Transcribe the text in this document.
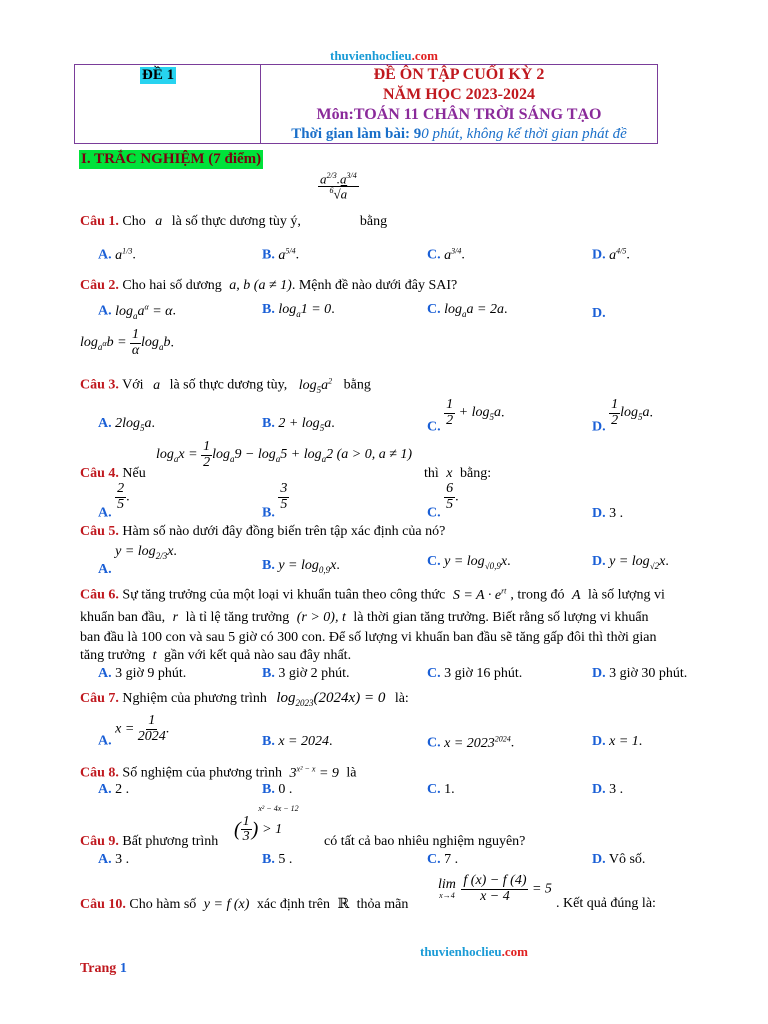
thuvienhoclieu.com
ĐỀ 1	ĐỀ ÔN TẬP CUỐI KỲ 2
NĂM HỌC 2023-2024
Môn:TOÁN 11 CHÂN TRỜI SÁNG TẠO
Thời gian làm bài: 90 phút, không kể thời gian phát đề
I. TRẮC NGHIỆM (7 điểm)
$\frac{a^{2/3}.a^{3/4}}{^6√a}$
Câu 1. Cho a là số thực dương tùy ý,	bằng
A. $a^{1/3}$.	B. $a^{5/4}$.	C. $a^{3/4}$.	D. $a^{4/5}$.
Câu 2. Cho hai số dương a, b (a ≠ 1). Mệnh đề nào dưới đây SAI?
A. $\log_aa^\alpha = \alpha$.	B. $\log_a1 = 0$.	C. $\log_aa = 2a$.	D.
$\log_{a^\alpha}b = \frac{1}{\alpha} \log_ab$.
Câu 3. Với a là số thực dương tùy, $\log_5a^2$ bằng
A. $2\log_5a$.	B. $2 + \log_5a$.	C. $\frac{1}{2} + \log_5a$.
D. $\frac{1}{2} \log_5a$.
$\log_ax = \frac{1}{2} \log_a9 - \log_a5 + \log_a2$ (a > 0, a ≠ 1)
Câu 4. Nếu	thì x bằng:
A.
$\frac{2}{5}$ .
B.
$\frac{3}{5}$
C.
$\frac{6}{5}$ .
D. 3 .
Câu 5. Hàm số nào dưới đây đồng biến trên tập xác định của nó?
A. $y = \log_{2/3}x$.
B. $y = \log_{0,9}x$.	C. $y = \log_{√0,9}x$.	D. $y = \log_{√2}x$.
Câu 6. Sự tăng trưởng của một loại vi khuẩn tuân theo công thức $S = A \cdot e^{rt}$ , trong đó A là số lượng vi
khuẩn ban đầu, r là tỉ lệ tăng trưởng (r > 0), t là thời gian tăng trưởng. Biết rằng số lượng vi khuẩn
ban đầu là 100 con và sau 5 giờ có 300 con. Để số lượng vi khuẩn ban đầu sẽ tăng gấp đôi thì thời gian
tăng trưởng t gần với kết quả nào sau đây nhất.
A. 3 giờ 9 phút.	B. 3 giờ 2 phút.	C. 3 giờ 16 phút.	D. 3 giờ 30 phút.
Câu 7. Nghiệm của phương trình $\log_{2023}(2024x) = 0$ là:
A. $x = \frac{1}{2024}$ .
B. x = 2024.	C. $x = 2023^{2024}$.	D. x = 1.
Câu 8. Số nghiệm của phương trình $3^{x^2 - x} = 9$ là
A. 2 .	B. 0 .	C. 1.	D. 3 .
( $\frac{1}{3} )^{x^2 - 4x - 12} > 1$
Câu 9. Bất phương trình	có tất cả bao nhiêu nghiệm nguyên?
A. 3 .	B. 5 .	C. 7 .	D. Vô số.
Câu 10. Cho hàm số y = f (x) xác định trên ℝ thỏa mãn
lim
x→4
$\frac{f (x) - f (4)}{x - 4} = 5$
. Kết quả đúng là:
thuvienhoclieu.com
Trang 1
